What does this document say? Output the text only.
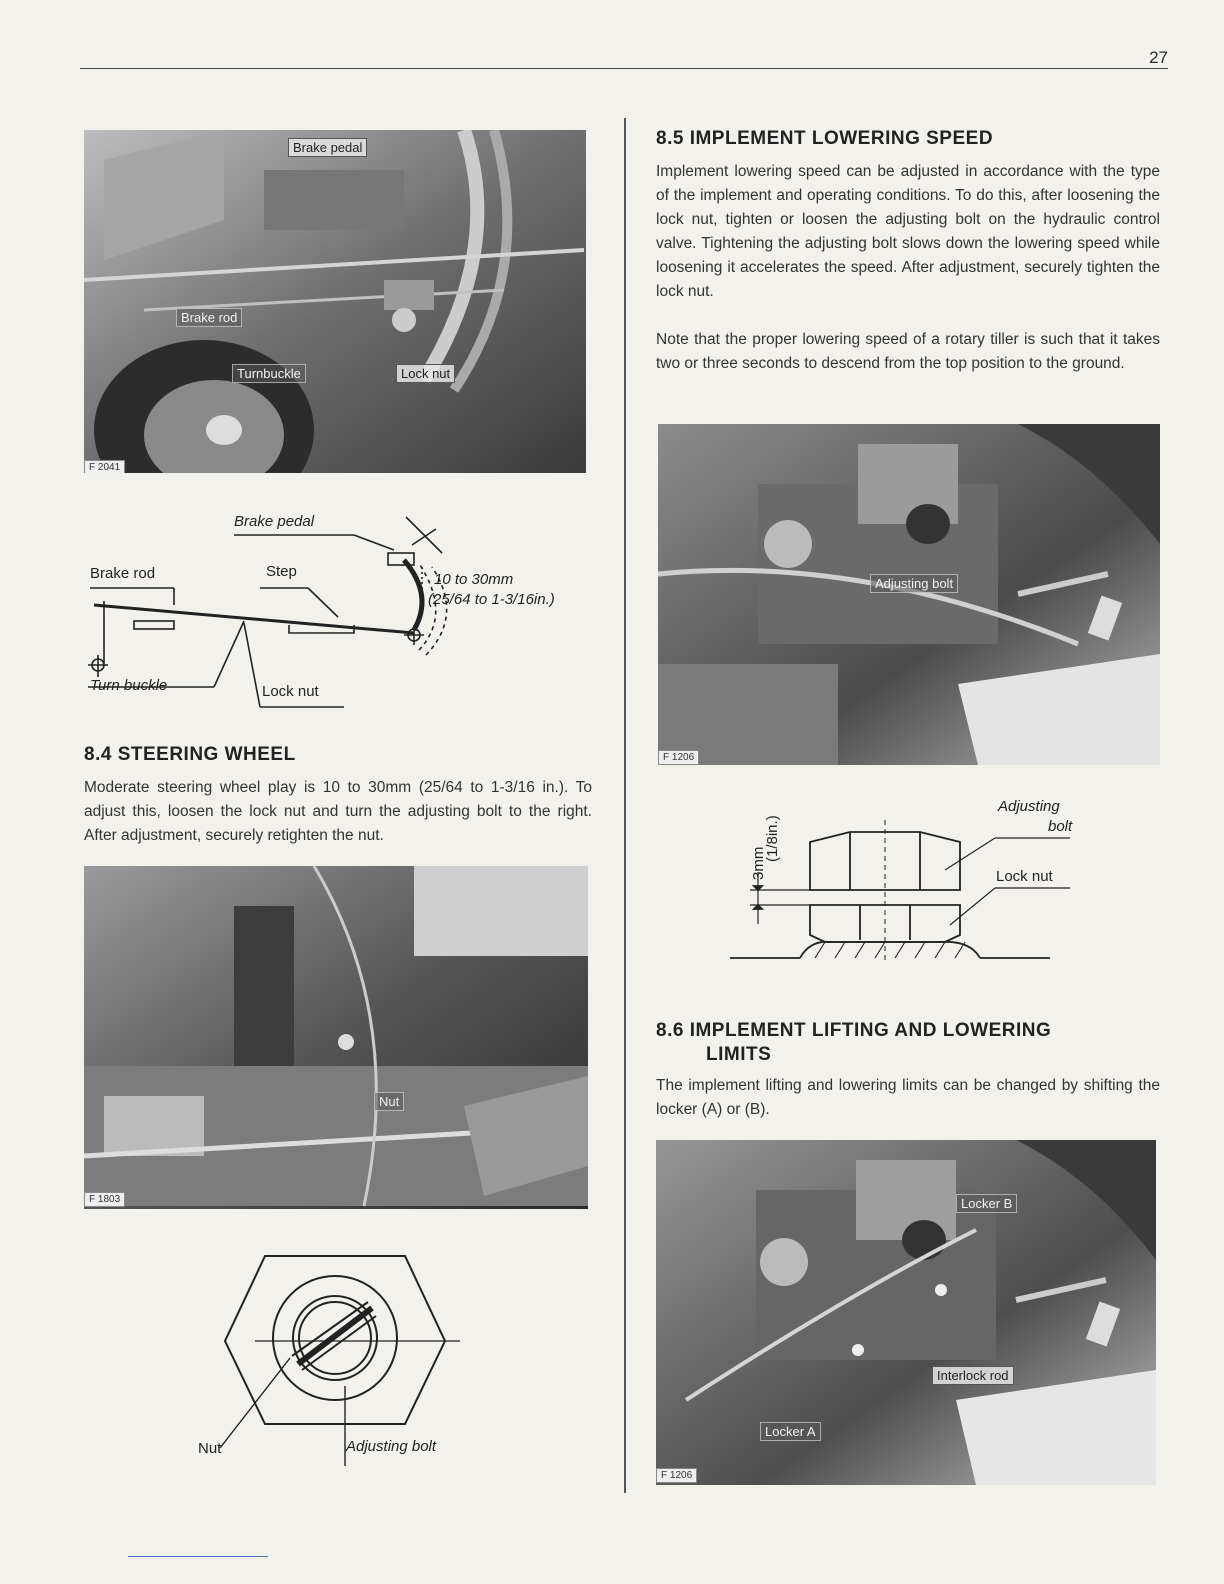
27
Brake pedal
Brake rod
Turnbuckle	Lock nut
F 2041
Brake pedal
Brake rod	Step	10 to 30mm
(25/64 to 1-3/16in.)
Turn buckle	Lock nut
8.4 STEERING WHEEL
Moderate steering wheel play is 10 to 30mm (25/64 to 1-3/16 in.). To adjust this, loosen the lock nut and turn the adjusting bolt to the right. After adjustment, securely retighten the nut.
Nut
F 1803
Nut	Adjusting bolt
8.5 IMPLEMENT LOWERING SPEED
Implement lowering speed can be adjusted in accordance with the type of the implement and operating conditions. To do this, after loosening the lock nut, tighten or loosen the adjusting bolt on the hydraulic control valve. Tightening the adjusting bolt slows down the lowering speed while loosening it accelerates the speed. After adjustment, securely tighten the lock nut.
Note that the proper lowering speed of a rotary tiller is such that it takes two or three seconds to descend from the top position to the ground.
Adjusting bolt
F 1206
3mm
(1/8in.)
Adjusting
bolt
Lock nut
8.6 IMPLEMENT LIFTING AND LOWERING
LIMITS
The implement lifting and lowering limits can be changed by shifting the locker (A) or (B).
Locker B
Interlock rod
Locker A
F 1206
